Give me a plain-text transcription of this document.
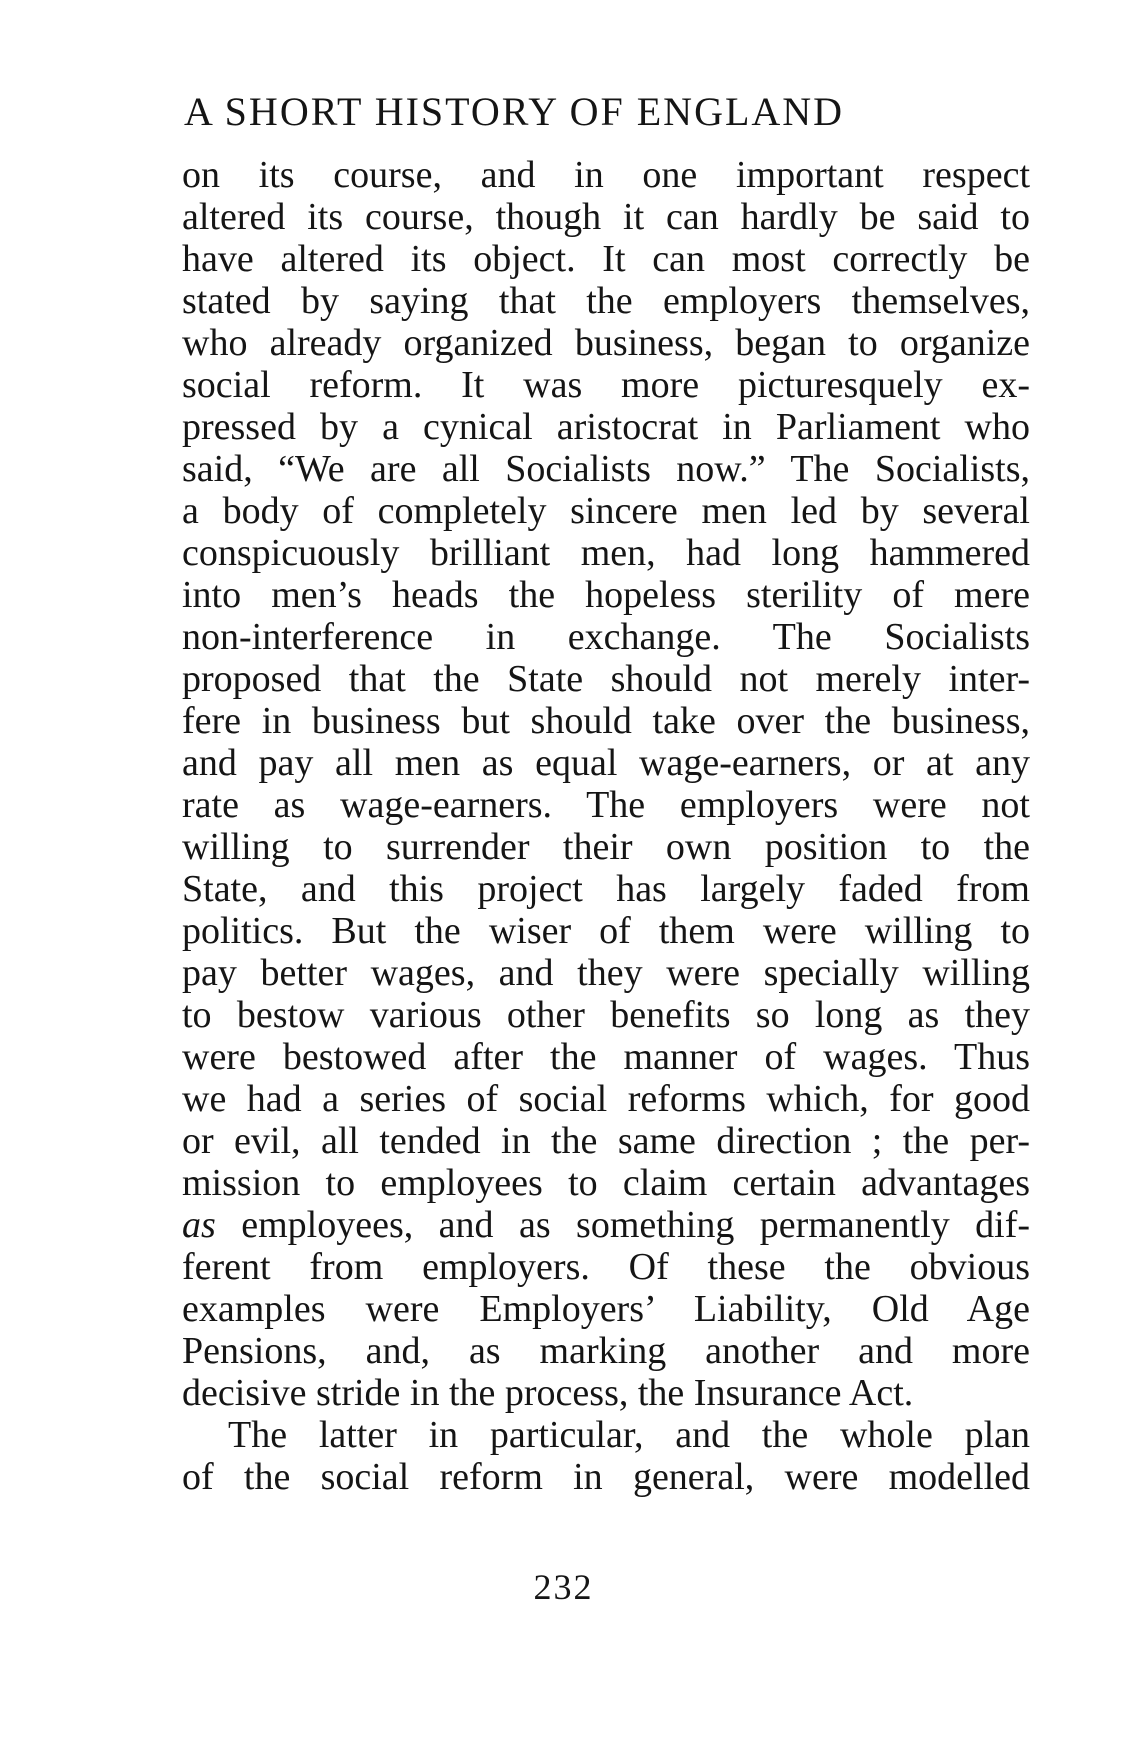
A SHORT HISTORY OF ENGLAND
on its course, and in one important respect
altered its course, though it can hardly be said to
have altered its object. It can most correctly be
stated by saying that the employers themselves,
who already organized business, began to organize
social reform. It was more picturesquely ex-
pressed by a cynical aristocrat in Parliament who
said, “We are all Socialists now.” The Socialists,
a body of completely sincere men led by several
conspicuously brilliant men, had long hammered
into men’s heads the hopeless sterility of mere
non-interference in exchange. The Socialists
proposed that the State should not merely inter-
fere in business but should take over the business,
and pay all men as equal wage-earners, or at any
rate as wage-earners. The employers were not
willing to surrender their own position to the
State, and this project has largely faded from
politics. But the wiser of them were willing to
pay better wages, and they were specially willing
to bestow various other benefits so long as they
were bestowed after the manner of wages. Thus
we had a series of social reforms which, for good
or evil, all tended in the same direction ; the per-
mission to employees to claim certain advantages
as employees, and as something permanently dif-
ferent from employers. Of these the obvious
examples were Employers’ Liability, Old Age
Pensions, and, as marking another and more
decisive stride in the process, the Insurance Act.
The latter in particular, and the whole plan
of the social reform in general, were modelled
232
